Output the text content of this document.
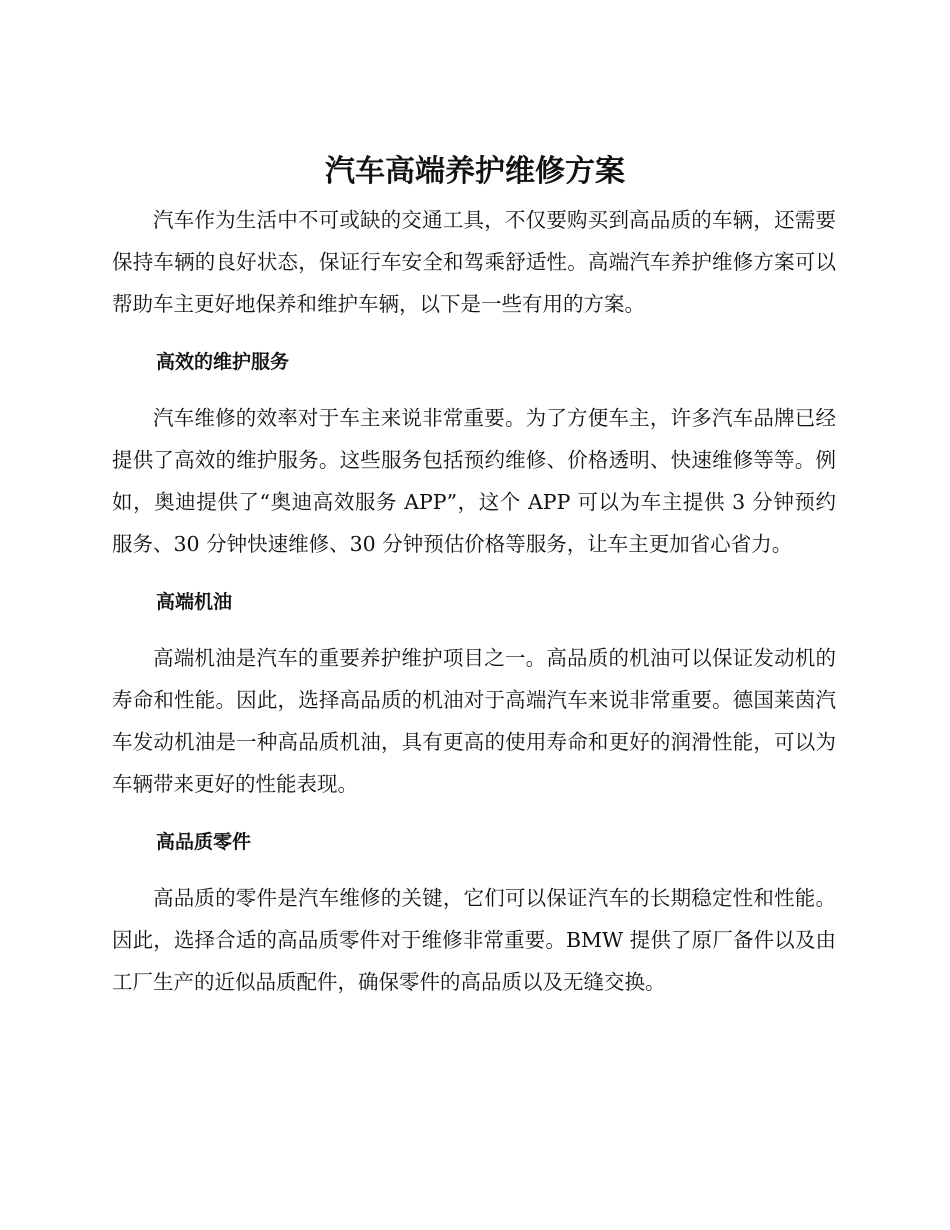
汽车高端养护维修方案

汽车作为生活中不可或缺的交通工具，不仅要购买到高品质的车辆，还需要保持车辆的良好状态，保证行车安全和驾乘舒适性。高端汽车养护维修方案可以帮助车主更好地保养和维护车辆，以下是一些有用的方案。

高效的维护服务

汽车维修的效率对于车主来说非常重要。为了方便车主，许多汽车品牌已经提供了高效的维护服务。这些服务包括预约维修、价格透明、快速维修等等。例如，奥迪提供了“奥迪高效服务 APP”，这个 APP 可以为车主提供 3 分钟预约服务、30 分钟快速维修、30 分钟预估价格等服务，让车主更加省心省力。

高端机油

高端机油是汽车的重要养护维护项目之一。高品质的机油可以保证发动机的寿命和性能。因此，选择高品质的机油对于高端汽车来说非常重要。德国莱茵汽车发动机油是一种高品质机油，具有更高的使用寿命和更好的润滑性能，可以为车辆带来更好的性能表现。

高品质零件

高品质的零件是汽车维修的关键，它们可以保证汽车的长期稳定性和性能。因此，选择合适的高品质零件对于维修非常重要。BMW 提供了原厂备件以及由工厂生产的近似品质配件，确保零件的高品质以及无缝交换。
